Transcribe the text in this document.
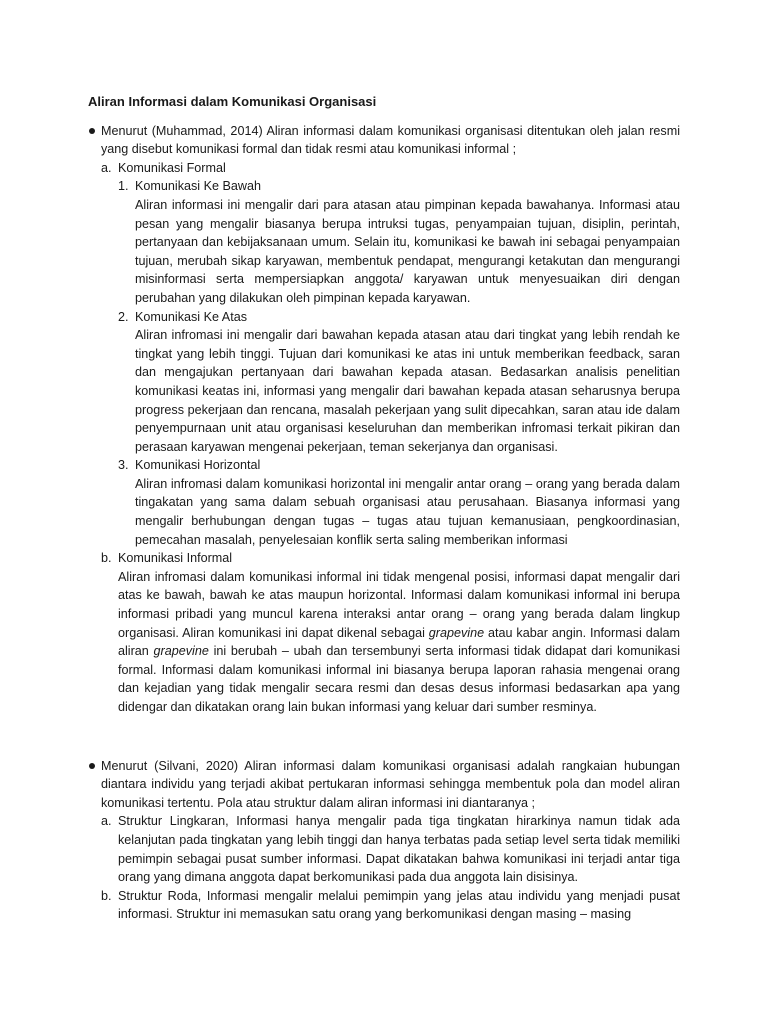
Aliran Informasi dalam Komunikasi Organisasi
Menurut (Muhammad, 2014) Aliran informasi dalam komunikasi organisasi ditentukan oleh jalan resmi yang disebut komunikasi formal dan tidak resmi atau komunikasi informal ;
a. Komunikasi Formal
1. Komunikasi Ke Bawah
Aliran informasi ini mengalir dari para atasan atau pimpinan kepada bawahanya. Informasi atau pesan yang mengalir biasanya berupa intruksi tugas, penyampaian tujuan, disiplin, perintah, pertanyaan dan kebijaksanaan umum. Selain itu, komunikasi ke bawah ini sebagai penyampaian tujuan, merubah sikap karyawan, membentuk pendapat, mengurangi ketakutan dan mengurangi misinformasi serta mempersiapkan anggota/ karyawan untuk menyesuaikan diri dengan perubahan yang dilakukan oleh pimpinan kepada karyawan.
2. Komunikasi Ke Atas
Aliran infromasi ini mengalir dari bawahan kepada atasan atau dari tingkat yang lebih rendah ke tingkat yang lebih tinggi. Tujuan dari komunikasi ke atas ini untuk memberikan feedback, saran dan mengajukan pertanyaan dari bawahan kepada atasan. Bedasarkan analisis penelitian komunikasi keatas ini, informasi yang mengalir dari bawahan kepada atasan seharusnya berupa progress pekerjaan dan rencana, masalah pekerjaan yang sulit dipecahkan, saran atau ide dalam penyempurnaan unit atau organisasi keseluruhan dan memberikan infromasi terkait pikiran dan perasaan karyawan mengenai pekerjaan, teman sekerjanya dan organisasi.
3. Komunikasi Horizontal
Aliran infromasi dalam komunikasi horizontal ini mengalir antar orang – orang yang berada dalam tingakatan yang sama dalam sebuah organisasi atau perusahaan. Biasanya informasi yang mengalir berhubungan dengan tugas – tugas atau tujuan kemanusiaan, pengkoordinasian, pemecahan masalah, penyelesaian konflik serta saling memberikan informasi
b. Komunikasi Informal
Aliran infromasi dalam komunikasi informal ini tidak mengenal posisi, informasi dapat mengalir dari atas ke bawah, bawah ke atas maupun horizontal. Informasi dalam komunikasi informal ini berupa informasi pribadi yang muncul karena interaksi antar orang – orang yang berada dalam lingkup organisasi. Aliran komunikasi ini dapat dikenal sebagai grapevine atau kabar angin. Informasi dalam aliran grapevine ini berubah – ubah dan tersembunyi serta informasi tidak didapat dari komunikasi formal. Informasi dalam komunikasi informal ini biasanya berupa laporan rahasia mengenai orang dan kejadian yang tidak mengalir secara resmi dan desas desus informasi bedasarkan apa yang didengar dan dikatakan orang lain bukan informasi yang keluar dari sumber resminya.
Menurut (Silvani, 2020) Aliran informasi dalam komunikasi organisasi adalah rangkaian hubungan diantara individu yang terjadi akibat pertukaran informasi sehingga membentuk pola dan model aliran komunikasi tertentu. Pola atau struktur dalam aliran informasi ini diantaranya ;
a. Struktur Lingkaran, Informasi hanya mengalir pada tiga tingkatan hirarkinya namun tidak ada kelanjutan pada tingkatan yang lebih tinggi dan hanya terbatas pada setiap level serta tidak memiliki pemimpin sebagai pusat sumber informasi. Dapat dikatakan bahwa komunikasi ini terjadi antar tiga orang yang dimana anggota dapat berkomunikasi pada dua anggota lain disisinya.
b. Struktur Roda, Informasi mengalir melalui pemimpin yang jelas atau individu yang menjadi pusat informasi. Struktur ini memasukan satu orang yang berkomunikasi dengan masing – masing
